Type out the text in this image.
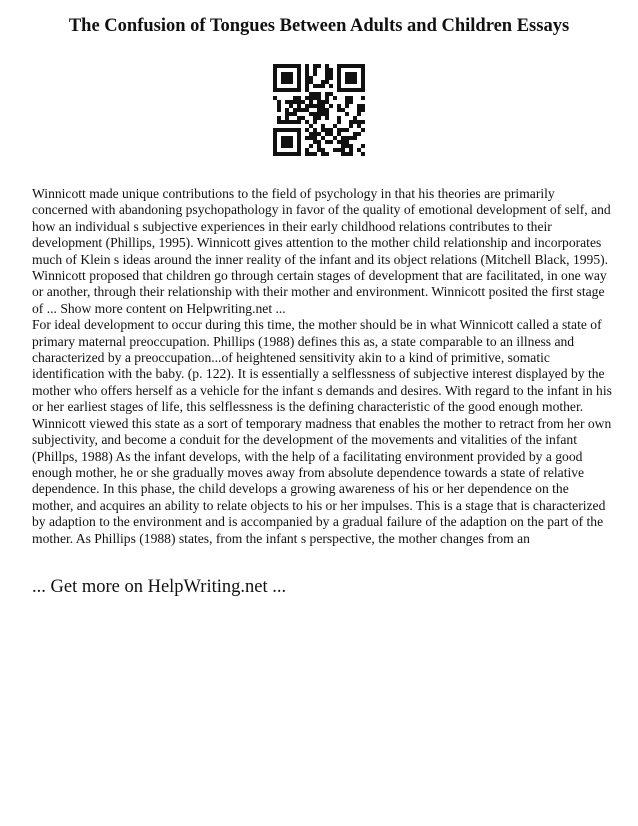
The Confusion of Tongues Between Adults and Children Essays

Winnicott made unique contributions to the field of psychology in that his theories are primarily concerned with abandoning psychopathology in favor of the quality of emotional development of self, and how an individual s subjective experiences in their early childhood relations contributes to their development (Phillips, 1995). Winnicott gives attention to the mother child relationship and incorporates much of Klein s ideas around the inner reality of the infant and its object relations (Mitchell Black, 1995). Winnicott proposed that children go through certain stages of development that are facilitated, in one way or another, through their relationship with their mother and environment. Winnicott posited the first stage of ... Show more content on Helpwriting.net ...

For ideal development to occur during this time, the mother should be in what Winnicott called a state of primary maternal preoccupation. Phillips (1988) defines this as, a state comparable to an illness and characterized by a preoccupation...of heightened sensitivity akin to a kind of primitive, somatic identification with the baby. (p. 122). It is essentially a selflessness of subjective interest displayed by the mother who offers herself as a vehicle for the infant s demands and desires. With regard to the infant in his or her earliest stages of life, this selflessness is the defining characteristic of the good enough mother. Winnicott viewed this state as a sort of temporary madness that enables the mother to retract from her own subjectivity, and become a conduit for the development of the movements and vitalities of the infant (Phillps, 1988) As the infant develops, with the help of a facilitating environment provided by a good enough mother, he or she gradually moves away from absolute dependence towards a state of relative dependence. In this phase, the child develops a growing awareness of his or her dependence on the mother, and acquires an ability to relate objects to his or her impulses. This is a stage that is characterized by adaption to the environment and is accompanied by a gradual failure of the adaption on the part of the mother. As Phillips (1988) states, from the infant s perspective, the mother changes from an

... Get more on HelpWriting.net ...
